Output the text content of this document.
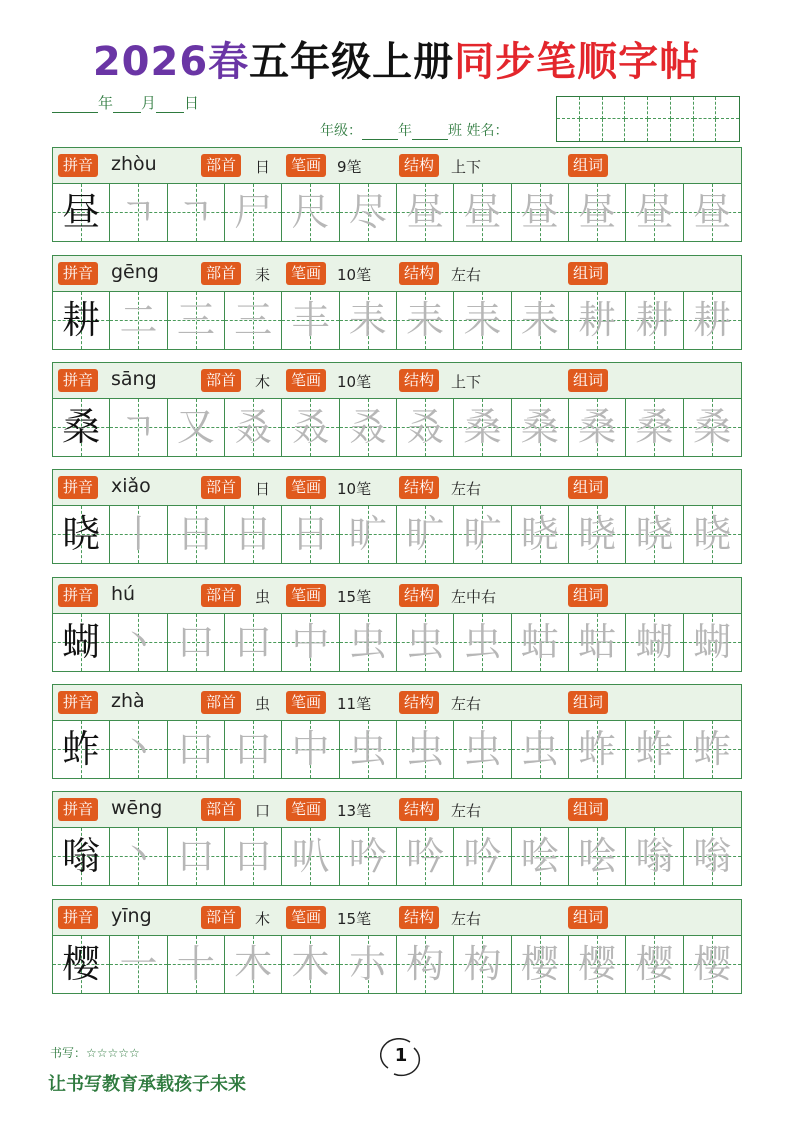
2026春五年级上册同步笔顺字帖
年 月 日
年级：	年	班 姓名：
拼音 zhòu	部首	日	笔画	9笔	结构	上下	组词
昼 ㄱ ㄱ 尸 尺 尽 昼 昼 昼 昼 昼 昼
拼音 gēng	部首	耒	笔画	10笔	结构	左右	组词
耕 二 三 三 丰 耒 耒 耒 耒 耕 耕 耕
拼音 sāng	部首	木	笔画	10笔	结构	上下	组词
桑 ㄱ 又 叒 叒 叒 叒 桑 桑 桑 桑 桑
拼音 xiǎo	部首	日	笔画	10笔	结构	左右	组词
晓 丨 日 日 日 旷 旷 旷 晓 晓 晓 晓
拼音 hú	部首	虫	笔画	15笔	结构	左中右	组词
蝴 丶 口 口 中 虫 虫 虫 蛄 蛄 蝴 蝴
拼音 zhà	部首	虫	笔画	11笔	结构	左右	组词
蚱 丶 口 口 中 虫 虫 虫 虫 蚱 蚱 蚱
拼音 wēng	部首	口	笔画	13笔	结构	左右	组词
嗡 丶 口 口 叭 吟 吟 吟 哙 哙 嗡 嗡
拼音 yīng	部首	木	笔画	15笔	结构	左右	组词
樱 一 十 木 木 朩 构 构 樱 樱 樱 樱
书写：☆☆☆☆☆	1
让书写教育承载孩子未来
